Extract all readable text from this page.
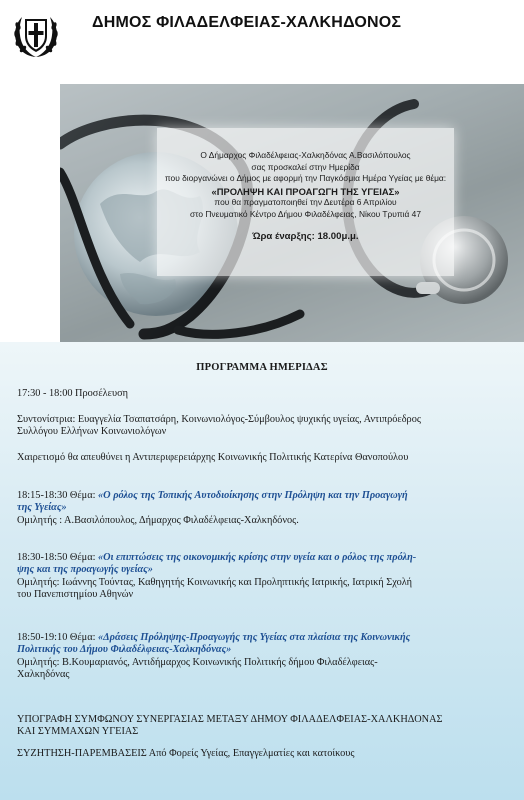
ΔΗΜΟΣ ΦΙΛΑΔΕΛΦΕΙΑΣ-ΧΑΛΚΗΔΟΝΟΣ

Ο Δήμαρχος Φιλαδέλφειας-Χαλκηδόνας Α.Βασιλόπουλος

σας προσκαλεί στην Ημερίδα

που διοργανώνει ο Δήμος με αφορμή την Παγκόσμια Ημέρα Υγείας με θέμα:

«ΠΡΟΛΗΨΗ ΚΑΙ ΠΡΟΑΓΩΓΗ ΤΗΣ ΥΓΕΙΑΣ»

που θα πραγματοποιηθεί την Δευτέρα 6 Απριλίου

στο Πνευματικό Κέντρο Δήμου Φιλαδέλφειας, Νίκου Τρυπιά 47

Ώρα έναρξης: 18.00μ.μ.

ΠΡΟΓΡΑΜΜΑ ΗΜΕΡΙΔΑΣ
17:30 - 18:00 Προσέλευση
Συντονίστρια: Ευαγγελία Τσαπατσάρη, Κοινωνιολόγος-Σύμβουλος ψυχικής υγείας, Αντιπρόεδρος
Συλλόγου Ελλήνων Κοινωνιολόγων
Χαιρετισμό θα απευθύνει η Αντιπεριφερειάρχης Κοινωνικής Πολιτικής Κατερίνα Θανοπούλου
18:15-18:30 Θέμα: «Ο ρόλος της Τοπικής Αυτοδιοίκησης στην Πρόληψη και την Προαγωγή
της Υγείας»
Ομιλητής : Α.Βασιλόπουλος, Δήμαρχος Φιλαδέλφειας-Χαλκηδόνος.
18:30-18:50 Θέμα: «Οι επιπτώσεις της οικονομικής κρίσης στην υγεία και ο ρόλος της πρόλη-
ψης και της προαγωγής υγείας»
Ομιλητής: Ιωάννης Τούντας, Καθηγητής Κοινωνικής και Προληπτικής Ιατρικής, Ιατρική Σχολή
του Πανεπιστημίου Αθηνών
18:50-19:10 Θέμα: «Δράσεις Πρόληψης-Προαγωγής της Υγείας στα πλαίσια της Κοινωνικής
Πολιτικής του Δήμου Φιλαδέλφειας-Χαλκηδόνας»
Ομιλητής: Β.Κουμαριανός, Αντιδήμαρχος Κοινωνικής Πολιτικής δήμου Φιλαδέλφειας-
Χαλκηδόνας
ΥΠΟΓΡΑΦΗ ΣΥΜΦΩΝΟΥ ΣΥΝΕΡΓΑΣΙΑΣ ΜΕΤΑΞΥ ΔΗΜΟΥ ΦΙΛΑΔΕΛΦΕΙΑΣ-ΧΑΛΚΗΔΟΝΑΣ
ΚΑΙ ΣΥΜΜΑΧΩΝ ΥΓΕΙΑΣ
ΣΥΖΗΤΗΣΗ-ΠΑΡΕΜΒΑΣΕΙΣ Από Φορείς Υγείας, Επαγγελματίες και κατοίκους
